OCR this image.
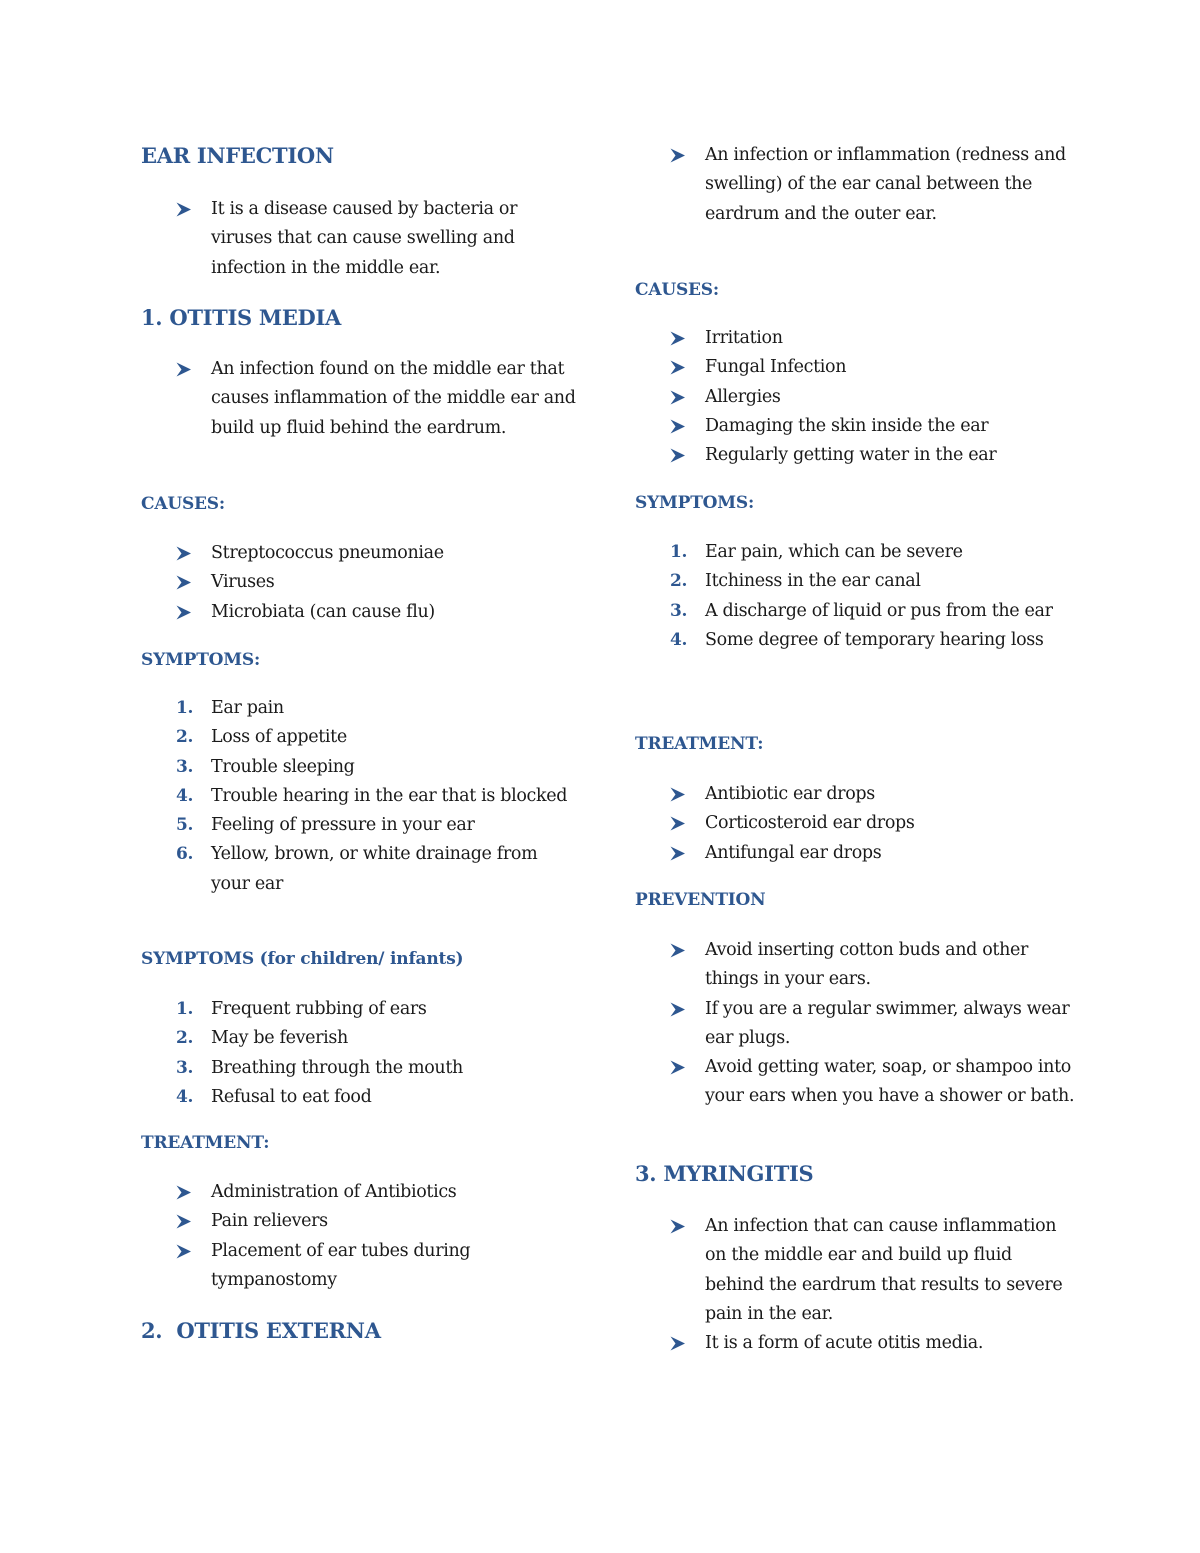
EAR INFECTION
It is a disease caused by bacteria or viruses that can cause swelling and infection in the middle ear.
1. OTITIS MEDIA
An infection found on the middle ear that causes inflammation of the middle ear and build up fluid behind the eardrum.
CAUSES:
Streptococcus pneumoniae
Viruses
Microbiata (can cause flu)
SYMPTOMS:
1. Ear pain
2. Loss of appetite
3. Trouble sleeping
4. Trouble hearing in the ear that is blocked
5. Feeling of pressure in your ear
6. Yellow, brown, or white drainage from your ear
SYMPTOMS (for children/ infants)
1. Frequent rubbing of ears
2. May be feverish
3. Breathing through the mouth
4. Refusal to eat food
TREATMENT:
Administration of Antibiotics
Pain relievers
Placement of ear tubes during tympanostomy
2.  OTITIS EXTERNA
An infection or inflammation (redness and swelling) of the ear canal between the eardrum and the outer ear.
CAUSES:
Irritation
Fungal Infection
Allergies
Damaging the skin inside the ear
Regularly getting water in the ear
SYMPTOMS:
1. Ear pain, which can be severe
2. Itchiness in the ear canal
3. A discharge of liquid or pus from the ear
4. Some degree of temporary hearing loss
TREATMENT:
Antibiotic ear drops
Corticosteroid ear drops
Antifungal ear drops
PREVENTION
Avoid inserting cotton buds and other things in your ears.
If you are a regular swimmer, always wear ear plugs.
Avoid getting water, soap, or shampoo into your ears when you have a shower or bath.
3. MYRINGITIS
An infection that can cause inflammation on the middle ear and build up fluid behind the eardrum that results to severe pain in the ear.
It is a form of acute otitis media.
